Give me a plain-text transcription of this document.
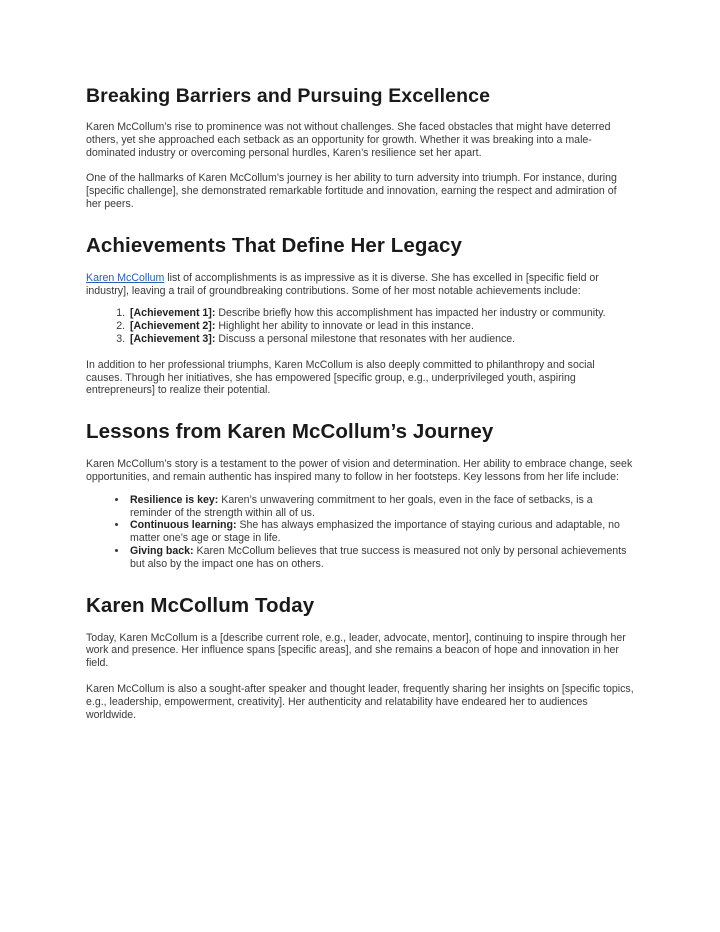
Breaking Barriers and Pursuing Excellence

Karen McCollum’s rise to prominence was not without challenges. She faced obstacles that might have deterred others, yet she approached each setback as an opportunity for growth. Whether it was breaking into a male-dominated industry or overcoming personal hurdles, Karen’s resilience set her apart.

One of the hallmarks of Karen McCollum’s journey is her ability to turn adversity into triumph. For instance, during [specific challenge], she demonstrated remarkable fortitude and innovation, earning the respect and admiration of her peers.

Achievements That Define Her Legacy

Karen McCollum list of accomplishments is as impressive as it is diverse. She has excelled in [specific field or industry], leaving a trail of groundbreaking contributions. Some of her most notable achievements include:

1. [Achievement 1]: Describe briefly how this accomplishment has impacted her industry or community.
2. [Achievement 2]: Highlight her ability to innovate or lead in this instance.
3. [Achievement 3]: Discuss a personal milestone that resonates with her audience.

In addition to her professional triumphs, Karen McCollum is also deeply committed to philanthropy and social causes. Through her initiatives, she has empowered [specific group, e.g., underprivileged youth, aspiring entrepreneurs] to realize their potential.

Lessons from Karen McCollum’s Journey

Karen McCollum’s story is a testament to the power of vision and determination. Her ability to embrace change, seek opportunities, and remain authentic has inspired many to follow in her footsteps. Key lessons from her life include:

• Resilience is key: Karen’s unwavering commitment to her goals, even in the face of setbacks, is a reminder of the strength within all of us.
• Continuous learning: She has always emphasized the importance of staying curious and adaptable, no matter one’s age or stage in life.
• Giving back: Karen McCollum believes that true success is measured not only by personal achievements but also by the impact one has on others.
Karen McCollum Today

Today, Karen McCollum is a [describe current role, e.g., leader, advocate, mentor], continuing to inspire through her work and presence. Her influence spans [specific areas], and she remains a beacon of hope and innovation in her field.

Karen McCollum is also a sought-after speaker and thought leader, frequently sharing her insights on [specific topics, e.g., leadership, empowerment, creativity]. Her authenticity and relatability have endeared her to audiences worldwide.
